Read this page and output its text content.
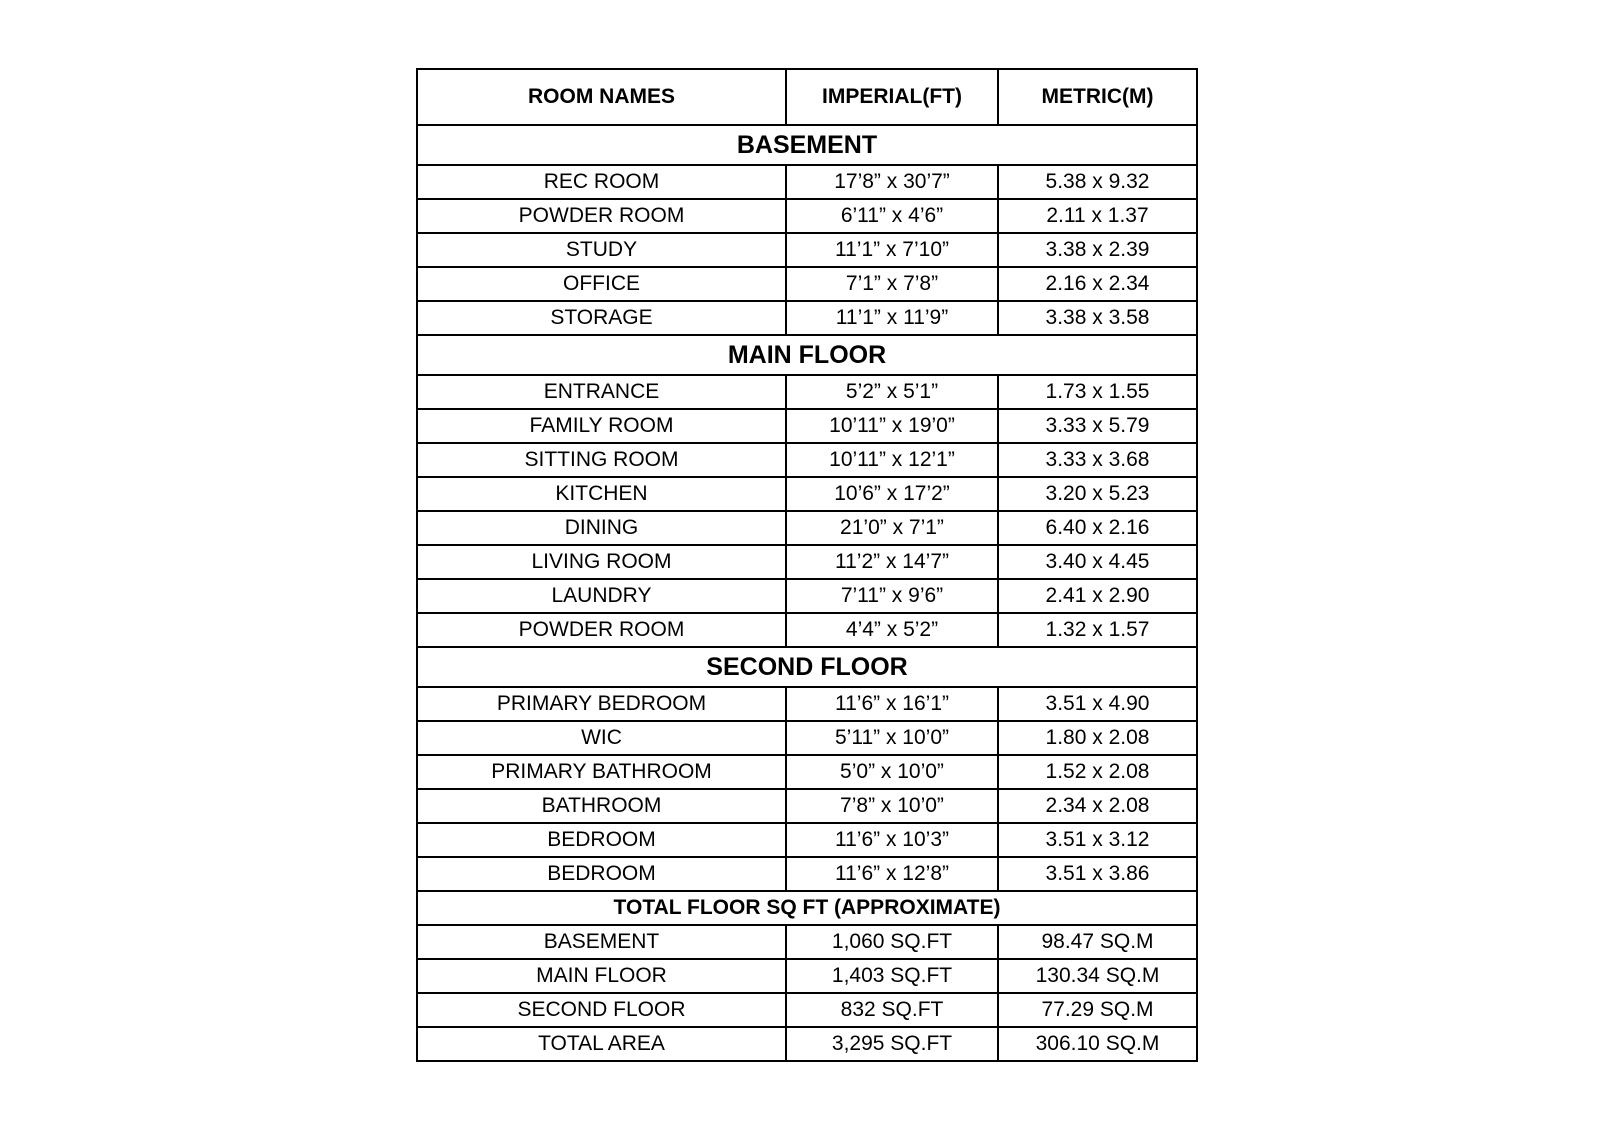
ROOM NAMES	IMPERIAL(FT)	METRIC(M)
BASEMENT		
REC ROOM	17’8” x 30’7”	5.38 x 9.32
POWDER ROOM	6’11” x 4’6”	2.11 x 1.37
STUDY	11’1” x 7’10”	3.38 x 2.39
OFFICE	7’1” x 7’8”	2.16 x 2.34
STORAGE	11’1” x 11’9”	3.38 x 3.58
MAIN FLOOR		
ENTRANCE	5’2” x 5’1”	1.73 x 1.55
FAMILY ROOM	10’11” x 19’0”	3.33 x 5.79
SITTING ROOM	10’11” x 12’1”	3.33 x 3.68
KITCHEN	10’6” x 17’2”	3.20 x 5.23
DINING	21’0” x 7’1”	6.40 x 2.16
LIVING ROOM	11’2” x 14’7”	3.40 x 4.45
LAUNDRY	7’11” x 9’6”	2.41 x 2.90
POWDER ROOM	4’4” x 5’2”	1.32 x 1.57
SECOND FLOOR		
PRIMARY BEDROOM	11’6” x 16’1”	3.51 x 4.90
WIC	5’11” x 10’0”	1.80 x 2.08
PRIMARY BATHROOM	5’0” x 10’0”	1.52 x 2.08
BATHROOM	7’8” x 10’0”	2.34 x 2.08
BEDROOM	11’6” x 10’3”	3.51 x 3.12
BEDROOM	11’6” x 12’8”	3.51 x 3.86
TOTAL FLOOR SQ FT (APPROXIMATE)		
BASEMENT	1,060 SQ.FT	98.47 SQ.M
MAIN FLOOR	1,403 SQ.FT	130.34 SQ.M
SECOND FLOOR	832 SQ.FT	77.29 SQ.M
TOTAL AREA	3,295 SQ.FT	306.10 SQ.M
